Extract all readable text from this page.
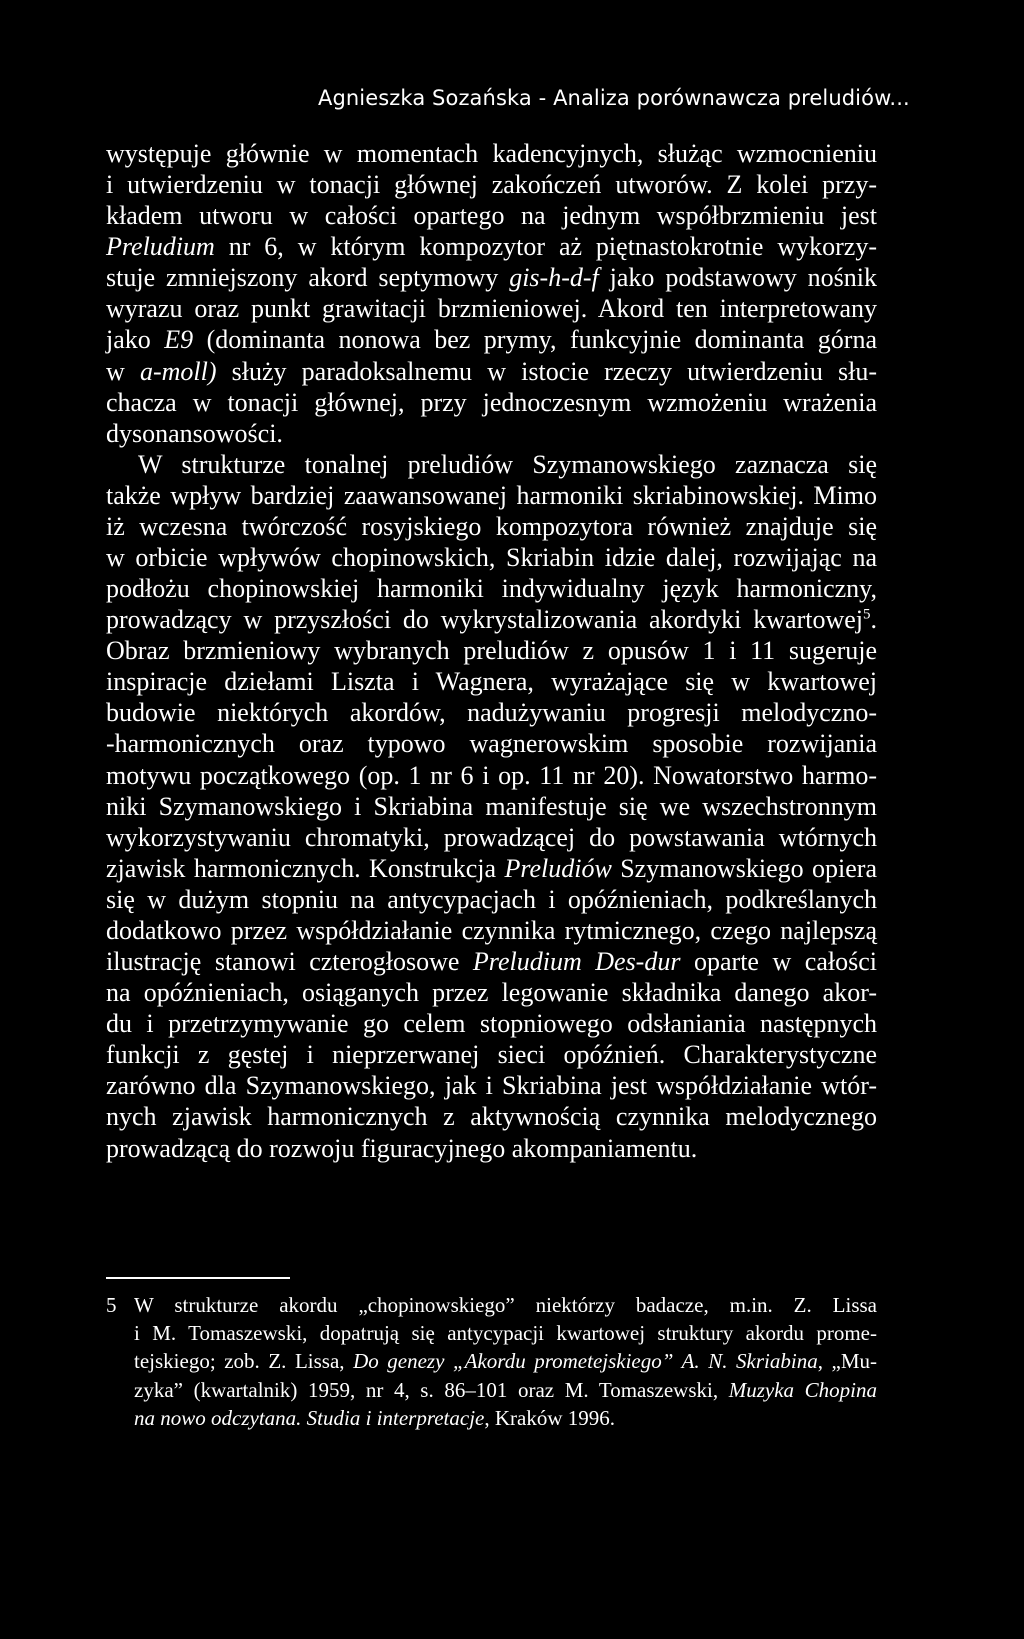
Agnieszka Sozańska - Analiza porównawcza preludiów...
występuje głównie w momentach kadencyjnych, służąc wzmocnieniu
i utwierdzeniu w tonacji głównej zakończeń utworów. Z kolei przy-
kładem utworu w całości opartego na jednym współbrzmieniu jest
Preludium nr 6, w którym kompozytor aż piętnastokrotnie wykorzy-
stuje zmniejszony akord septymowy gis-h-d-f jako podstawowy nośnik
wyrazu oraz punkt grawitacji brzmieniowej. Akord ten interpretowany
jako E9 (dominanta nonowa bez prymy, funkcyjnie dominanta górna
w a-moll) służy paradoksalnemu w istocie rzeczy utwierdzeniu słu-
chacza w tonacji głównej, przy jednoczesnym wzmożeniu wrażenia
dysonansowości.
W strukturze tonalnej preludiów Szymanowskiego zaznacza się
także wpływ bardziej zaawansowanej harmoniki skriabinowskiej. Mimo
iż wczesna twórczość rosyjskiego kompozytora również znajduje się
w orbicie wpływów chopinowskich, Skriabin idzie dalej, rozwijając na
podłożu chopinowskiej harmoniki indywidualny język harmoniczny,
prowadzący w przyszłości do wykrystalizowania akordyki kwartowej$^5$.
Obraz brzmieniowy wybranych preludiów z opusów 1 i 11 sugeruje
inspiracje dziełami Liszta i Wagnera, wyrażające się w kwartowej
budowie niektórych akordów, nadużywaniu progresji melodyczno-
-harmonicznych oraz typowo wagnerowskim sposobie rozwijania
motywu początkowego (op. 1 nr 6 i op. 11 nr 20). Nowatorstwo harmo-
niki Szymanowskiego i Skriabina manifestuje się we wszechstronnym
wykorzystywaniu chromatyki, prowadzącej do powstawania wtórnych
zjawisk harmonicznych. Konstrukcja Preludiów Szymanowskiego opiera
się w dużym stopniu na antycypacjach i opóźnieniach, podkreślanych
dodatkowo przez współdziałanie czynnika rytmicznego, czego najlepszą
ilustrację stanowi czterogłosowe Preludium Des-dur oparte w całości
na opóźnieniach, osiąganych przez legowanie składnika danego akor-
du i przetrzymywanie go celem stopniowego odsłaniania następnych
funkcji z gęstej i nieprzerwanej sieci opóźnień. Charakterystyczne
zarówno dla Szymanowskiego, jak i Skriabina jest współdziałanie wtór-
nych zjawisk harmonicznych z aktywnością czynnika melodycznego
prowadzącą do rozwoju figuracyjnego akompaniamentu.
5 W strukturze akordu „chopinowskiego” niektórzy badacze, m.in. Z. Lissa
i M. Tomaszewski, dopatrują się antycypacji kwartowej struktury akordu prome-
tejskiego; zob. Z. Lissa, Do genezy „Akordu prometejskiego” A. N. Skriabina, „Mu-
zyka” (kwartalnik) 1959, nr 4, s. 86–101 oraz M. Tomaszewski, Muzyka Chopina
na nowo odczytana. Studia i interpretacje, Kraków 1996.
